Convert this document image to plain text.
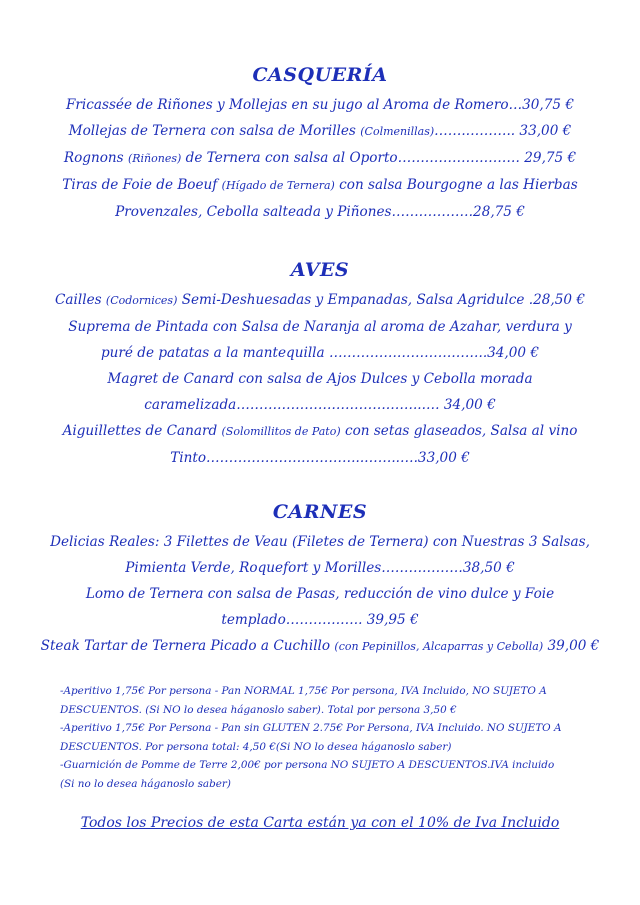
CASQUERÍA

Fricassée de Riñones y Mollejas en su jugo al Aroma de Romero…30,75 €

Mollejas de Ternera con salsa de Morilles (Colmenillas)…….……….. 33,00 €

Rognons (Riñones) de Ternera con salsa al Oporto……………………… 29,75 €

Tiras de Foie de Boeuf (Hígado de Ternera) con salsa Bourgogne a las Hierbas

Provenzales, Cebolla salteada y Piñones………………28,75 €

AVES

Cailles (Codornices) Semi-Deshuesadas y Empanadas, Salsa Agridulce .28,50 €

Suprema de Pintada con Salsa de Naranja al aroma de Azahar, verdura y

puré de patatas a la mantequilla ……………………………..34,00 €

Magret de Canard con salsa de Ajos Dulces y Cebolla morada

caramelizada…………………………………...… 34,00 €

Aiguillettes de Canard (Solomillitos de Pato) con setas glaseados, Salsa al vino

Tinto……………………………..……..….33,00 €

CARNES

Delicias Reales: 3 Filettes de Veau (Filetes de Ternera) con Nuestras 3 Salsas,

Pimienta Verde, Roquefort y Morilles………………38,50 €

Lomo de Ternera con salsa de Pasas, reducción de vino dulce y Foie

templado…………….. 39,95 €

Steak Tartar de Ternera Picado a Cuchillo (con Pepinillos, Alcaparras y Cebolla) 39,00 €

-Aperitivo 1,75€ Por persona - Pan NORMAL 1,75€ Por persona, IVA Incluido, NO SUJETO A

DESCUENTOS. (Si NO lo desea háganoslo saber). Total por persona 3,50 €

-Aperitivo 1,75€ Por Persona - Pan sin GLUTEN 2.75€ Por Persona, IVA Incluido. NO SUJETO A

DESCUENTOS. Por persona total: 4,50 €(Si NO lo desea háganoslo saber)

-Guarnición de Pomme de Terre 2,00€ por persona NO SUJETO A DESCUENTOS.IVA incluido

(Si no lo desea háganoslo saber)

Todos los Precios de esta Carta están ya con el 10% de Iva Incluido
